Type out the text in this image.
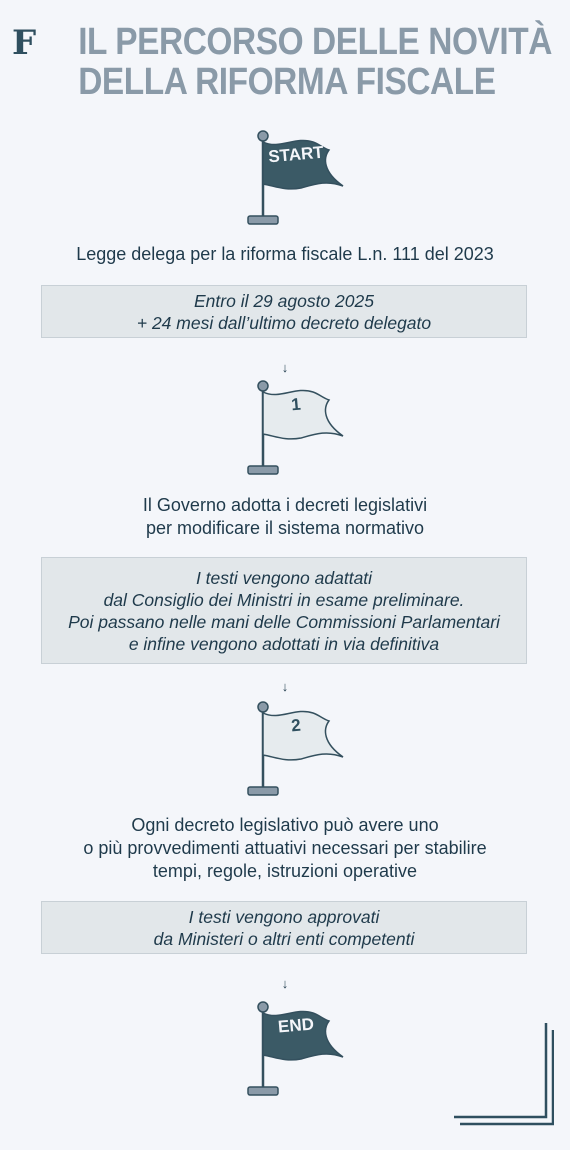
F IL PERCORSO DELLE NOVITÀ
DELLA RIFORMA FISCALE
START
Legge delega per la riforma fiscale L.n. 111 del 2023
Entro il 29 agosto 2025
+ 24 mesi dall’ultimo decreto delegato
↓
1
Il Governo adotta i decreti legislativi
per modificare il sistema normativo
I testi vengono adattati
dal Consiglio dei Ministri in esame preliminare.
Poi passano nelle mani delle Commissioni Parlamentari
e infine vengono adottati in via definitiva
↓
2
Ogni decreto legislativo può avere uno
o più provvedimenti attuativi necessari per stabilire
tempi, regole, istruzioni operative
I testi vengono approvati
da Ministeri o altri enti competenti
↓
END
